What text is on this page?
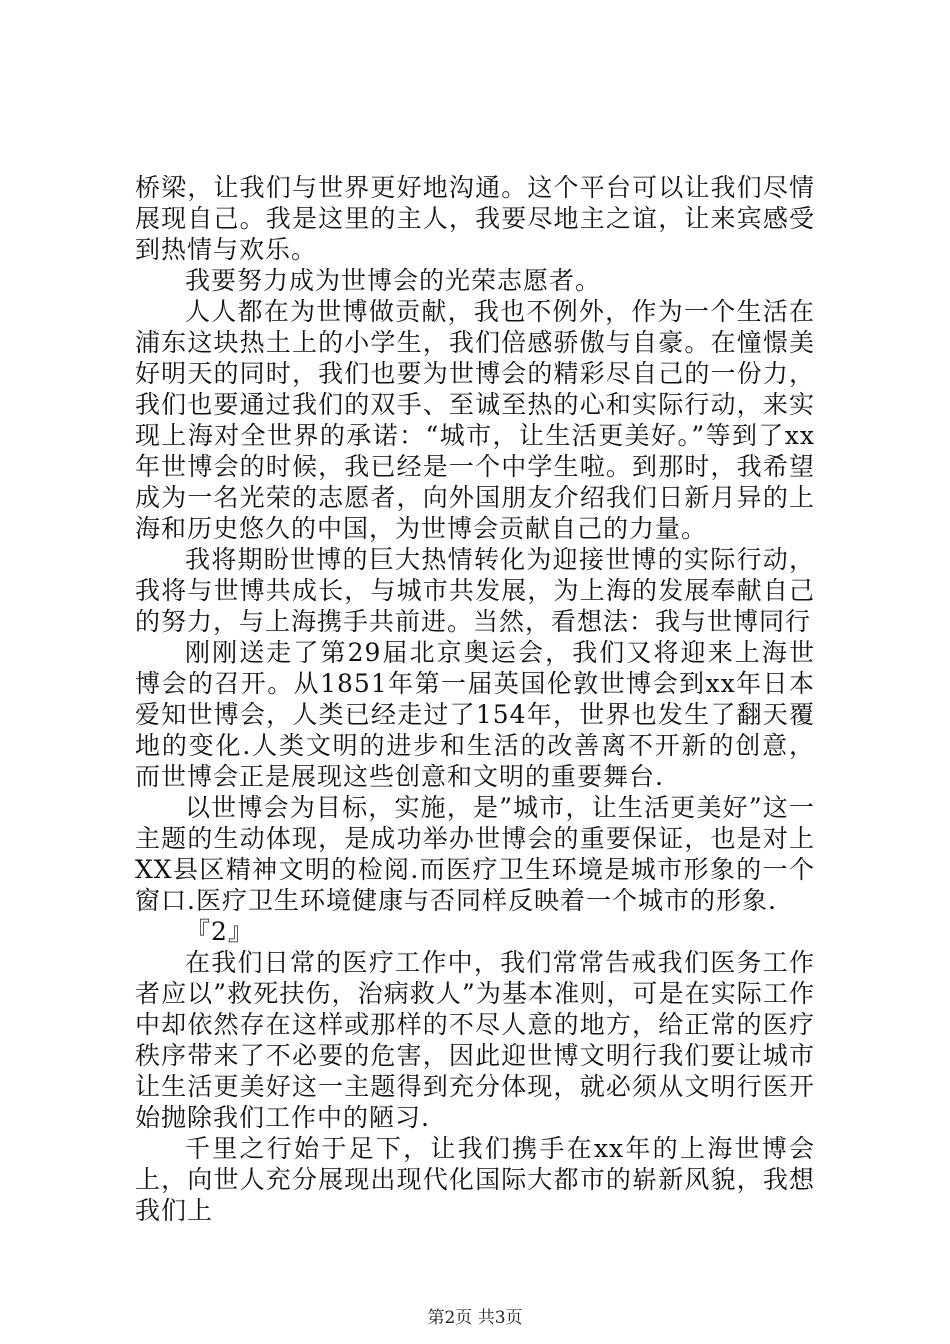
桥梁，让我们与世界更好地沟通。这个平台可以让我们尽情展现自己。我是这里的主人，我要尽地主之谊，让来宾感受到热情与欢乐。

我要努力成为世博会的光荣志愿者。

人人都在为世博做贡献，我也不例外，作为一个生活在浦东这块热土上的小学生，我们倍感骄傲与自豪。在憧憬美好明天的同时，我们也要为世博会的精彩尽自己的一份力，我们也要通过我们的双手、至诚至热的心和实际行动，来实现上海对全世界的承诺：“城市，让生活更美好。”等到了xx年世博会的时候，我已经是一个中学生啦。到那时，我希望成为一名光荣的志愿者，向外国朋友介绍我们日新月异的上海和历史悠久的中国，为世博会贡献自己的力量。

我将期盼世博的巨大热情转化为迎接世博的实际行动，我将与世博共成长，与城市共发展，为上海的发展奉献自己的努力，与上海携手共前进。当然，看想法：我与世博同行

刚刚送走了第29届北京奥运会，我们又将迎来上海世博会的召开。从1851年第一届英国伦敦世博会到xx年日本爱知世博会，人类已经走过了154年，世界也发生了翻天覆地的变化.人类文明的进步和生活的改善离不开新的创意，而世博会正是展现这些创意和文明的重要舞台.

以世博会为目标，实施，是”城市，让生活更美好”这一主题的生动体现，是成功举办世博会的重要保证，也是对上XX县区精神文明的检阅.而医疗卫生环境是城市形象的一个窗口.医疗卫生环境健康与否同样反映着一个城市的形象.

『2』

在我们日常的医疗工作中，我们常常告戒我们医务工作者应以”救死扶伤，治病救人”为基本准则，可是在实际工作中却依然存在这样或那样的不尽人意的地方，给正常的医疗秩序带来了不必要的危害，因此迎世博文明行我们要让城市让生活更美好这一主题得到充分体现，就必须从文明行医开始抛除我们工作中的陋习.

千里之行始于足下，让我们携手在xx年的上海世博会上，向世人充分展现出现代化国际大都市的崭新风貌，我想我们上

第2页 共3页
